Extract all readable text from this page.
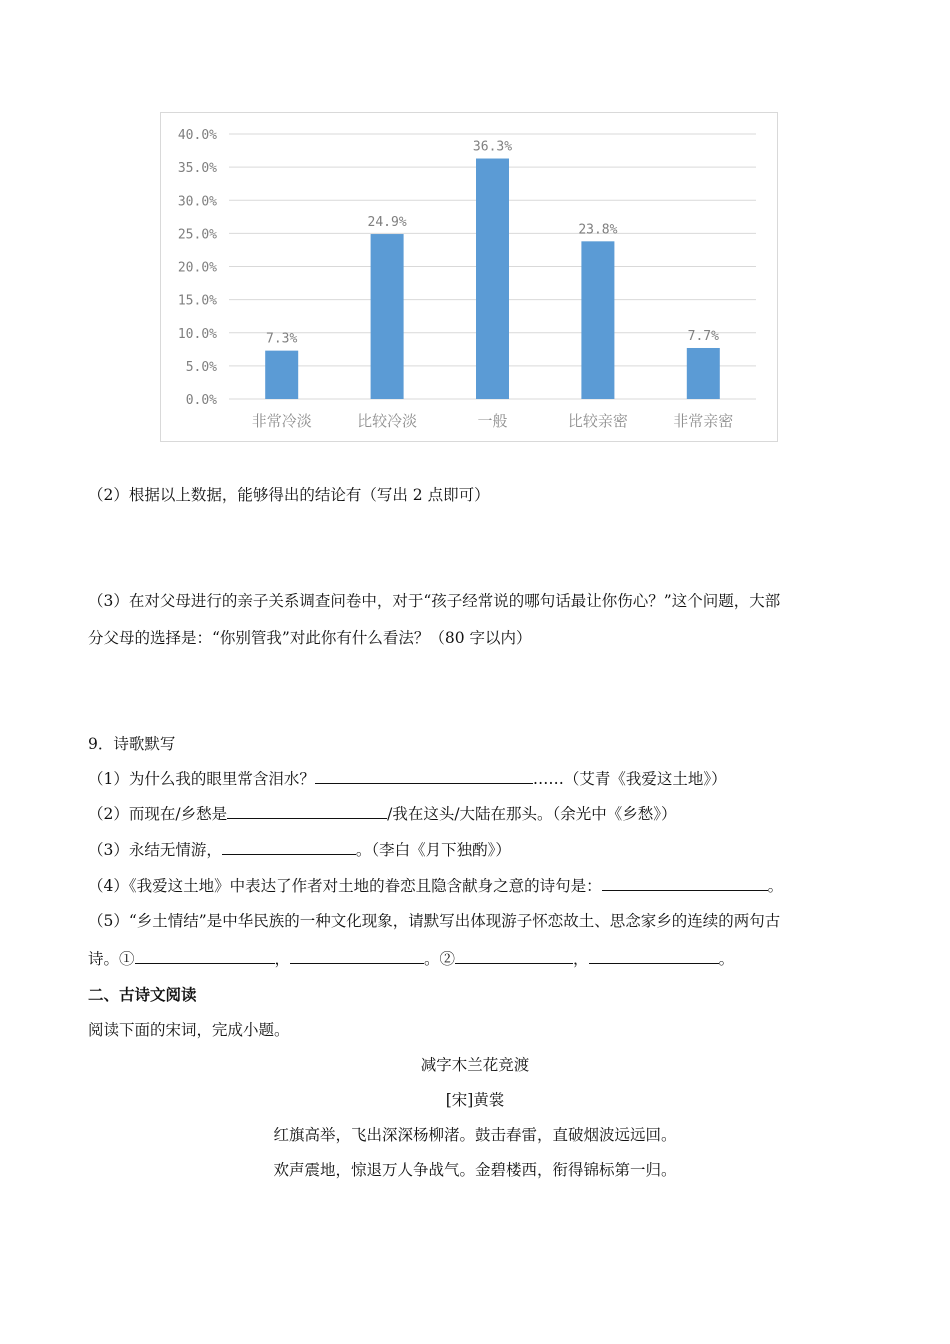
0.0%
5.0%
10.0%
15.0%
20.0%
25.0%
30.0%
35.0%
40.0%
7.3%
非常冷淡
24.9%
比较冷淡
36.3%
一般
23.8%
比较亲密
7.7%
非常亲密
（2）根据以上数据，能够得出的结论有（写出 2 点即可）
（3）在对父母进行的亲子关系调查问卷中，对于“孩子经常说的哪句话最让你伤心？”这个问题，大部
分父母的选择是：“你别管我”对此你有什么看法？（80 字以内）
9．诗歌默写
（1）为什么我的眼里常含泪水？	……（艾青《我爱这土地》）
（2）而现在/乡愁是	/我在这头/大陆在那头。（余光中《乡愁》）
（3）永结无情游，	。（李白《月下独酌》）
（4）《我爱这土地》中表达了作者对土地的眷恋且隐含献身之意的诗句是：	。
（5）“乡土情结”是中华民族的一种文化现象，请默写出体现游子怀恋故土、思念家乡的连续的两句古
诗。①	，	。②	，	。
二、古诗文阅读
阅读下面的宋词，完成小题。
减字木兰花竞渡
[宋]黄裳
红旗高举，飞出深深杨柳渚。鼓击春雷，直破烟波远远回。
欢声震地，惊退万人争战气。金碧楼西，衔得锦标第一归。
